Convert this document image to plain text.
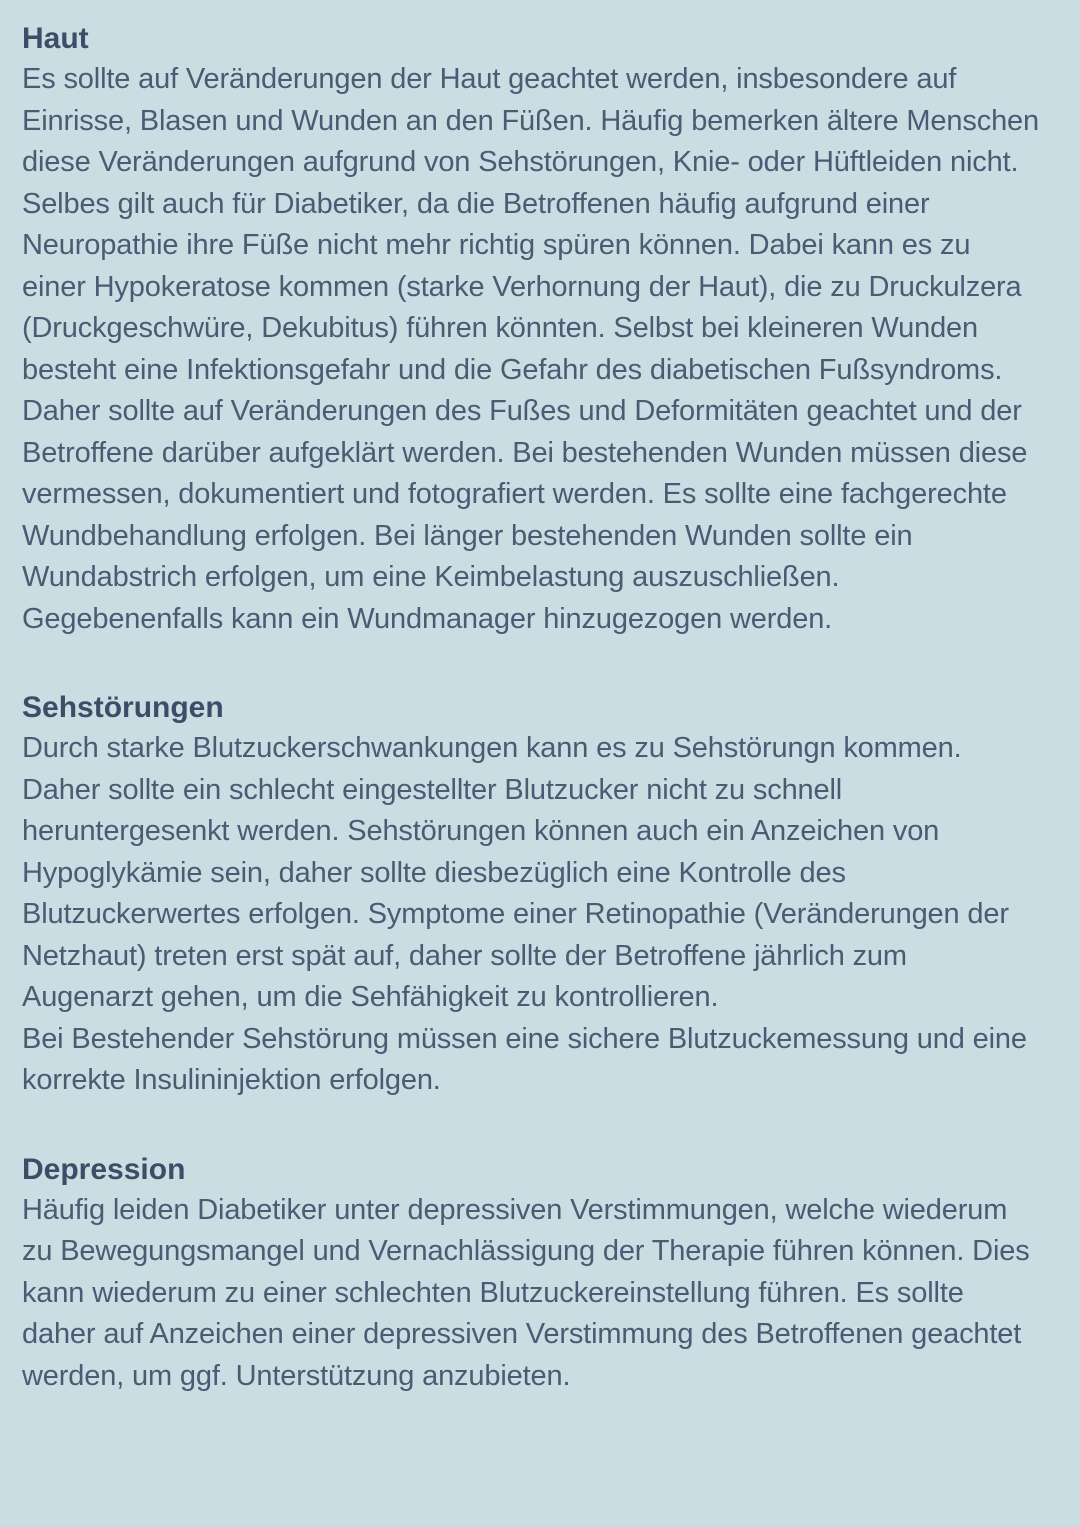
Haut

Es sollte auf Veränderungen der Haut geachtet werden, insbesondere auf Einrisse, Blasen und Wunden an den Füßen. Häufig bemerken ältere Menschen diese Veränderungen aufgrund von Sehstörungen, Knie- oder Hüftleiden nicht. Selbes gilt auch für Diabetiker, da die Betroffenen häufig aufgrund einer Neuropathie ihre Füße nicht mehr richtig spüren können. Dabei kann es zu einer Hypokeratose kommen (starke Verhornung der Haut), die zu Druckulzera (Druckgeschwüre, Dekubitus) führen könnten. Selbst bei kleineren Wunden besteht eine Infektionsgefahr und die Gefahr des diabetischen Fußsyndroms. Daher sollte auf Veränderungen des Fußes und Deformitäten geachtet und der Betroffene darüber aufgeklärt werden. Bei bestehenden Wunden müssen diese vermessen, dokumentiert und fotografiert werden. Es sollte eine fachgerechte Wundbehandlung erfolgen. Bei länger bestehenden Wunden sollte ein Wundabstrich erfolgen, um eine Keimbelastung auszuschließen. Gegebenenfalls kann ein Wundmanager hinzugezogen werden.

Sehstörungen

Durch starke Blutzuckerschwankungen kann es zu Sehstörungn kommen. Daher sollte ein schlecht eingestellter Blutzucker nicht zu schnell heruntergesenkt werden. Sehstörungen können auch ein Anzeichen von Hypoglykämie sein, daher sollte diesbezüglich eine Kontrolle des Blutzuckerwertes erfolgen. Symptome einer Retinopathie (Veränderungen der Netzhaut) treten erst spät auf, daher sollte der Betroffene jährlich zum Augenarzt gehen, um die Sehfähigkeit zu kontrollieren.

Bei Bestehender Sehstörung müssen eine sichere Blutzuckemessung und eine korrekte Insulininjektion erfolgen.

Depression

Häufig leiden Diabetiker unter depressiven Verstimmungen, welche wiederum zu Bewegungsmangel und Vernachlässigung der Therapie führen können. Dies kann wiederum zu einer schlechten Blutzuckereinstellung führen. Es sollte daher auf Anzeichen einer depressiven Verstimmung des Betroffenen geachtet werden, um ggf. Unterstützung anzubieten.
